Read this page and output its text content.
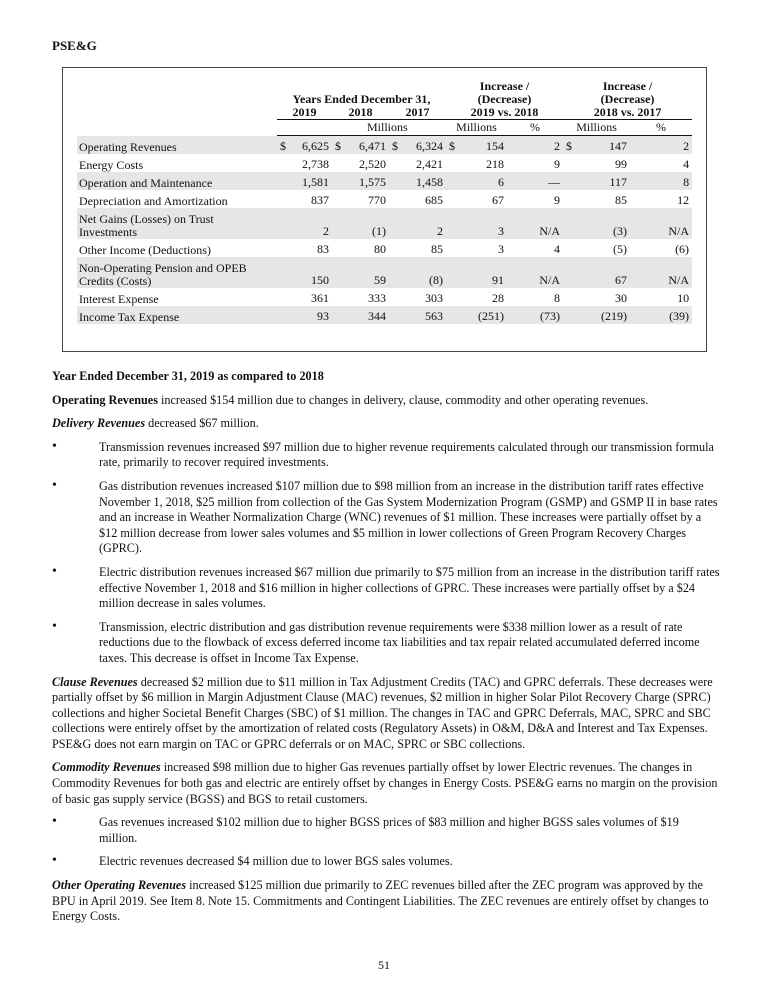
PSE&G
							Increase /			Increase /		
	Years Ended December 31,						(Decrease)			(Decrease)		
	2019		2018		2017		2019 vs. 2018			2018 vs. 2017		
	Millions						Millions		%	Millions		%
Operating Revenues	$	6,625	$	6,471	$	6,324	$	154	2	$	147	2
Energy Costs		2,738		2,520		2,421		218	9		99	4
Operation and Maintenance		1,581		1,575		1,458		6	—		117	8
Depreciation and Amortization		837		770		685		67	9		85	12
Net Gains (Losses) on Trust Investments		2		(1)		2		3	N/A		(3)	N/A
Other Income (Deductions)		83		80		85		3	4		(5)	(6)
Non-Operating Pension and OPEB Credits (Costs)		150		59		(8)		91	N/A		67	N/A
Interest Expense		361		333		303		28	8		30	10
Income Tax Expense		93		344		563		(251)	(73)		(219)	(39)

Year Ended December 31, 2019 as compared to 2018

Operating Revenues increased $154 million due to changes in delivery, clause, commodity and other operating revenues.

Delivery Revenues decreased $67 million.

•	Transmission revenues increased $97 million due to higher revenue requirements calculated through our transmission formula rate, primarily to recover required investments.
•	Gas distribution revenues increased $107 million due to $98 million from an increase in the distribution tariff rates effective November 1, 2018, $25 million from collection of the Gas System Modernization Program (GSMP) and GSMP II in base rates and an increase in Weather Normalization Charge (WNC) revenues of $1 million. These increases were partially offset by a $12 million decrease from lower sales volumes and $5 million in lower collections of Green Program Recovery Charges (GPRC).
•	Electric distribution revenues increased $67 million due primarily to $75 million from an increase in the distribution tariff rates effective November 1, 2018 and $16 million in higher collections of GPRC. These increases were partially offset by a $24 million decrease in sales volumes.
•	Transmission, electric distribution and gas distribution revenue requirements were $338 million lower as a result of rate reductions due to the flowback of excess deferred income tax liabilities and tax repair related accumulated deferred income taxes. This decrease is offset in Income Tax Expense.

Clause Revenues decreased $2 million due to $11 million in Tax Adjustment Credits (TAC) and GPRC deferrals. These decreases were partially offset by $6 million in Margin Adjustment Clause (MAC) revenues, $2 million in higher Solar Pilot Recovery Charge (SPRC) collections and higher Societal Benefit Charges (SBC) of $1 million. The changes in TAC and GPRC Deferrals, MAC, SPRC and SBC collections were entirely offset by the amortization of related costs (Regulatory Assets) in O&M, D&A and Interest and Tax Expenses. PSE&G does not earn margin on TAC or GPRC deferrals or on MAC, SPRC or SBC collections.

Commodity Revenues increased $98 million due to higher Gas revenues partially offset by lower Electric revenues. The changes in Commodity Revenues for both gas and electric are entirely offset by changes in Energy Costs. PSE&G earns no margin on the provision of basic gas supply service (BGSS) and BGS to retail customers.

•	Gas revenues increased $102 million due to higher BGSS prices of $83 million and higher BGSS sales volumes of $19 million.
•	Electric revenues decreased $4 million due to lower BGS sales volumes.

Other Operating Revenues increased $125 million due primarily to ZEC revenues billed after the ZEC program was approved by the BPU in April 2019. See Item 8. Note 15. Commitments and Contingent Liabilities. The ZEC revenues are entirely offset by changes to Energy Costs.

51
